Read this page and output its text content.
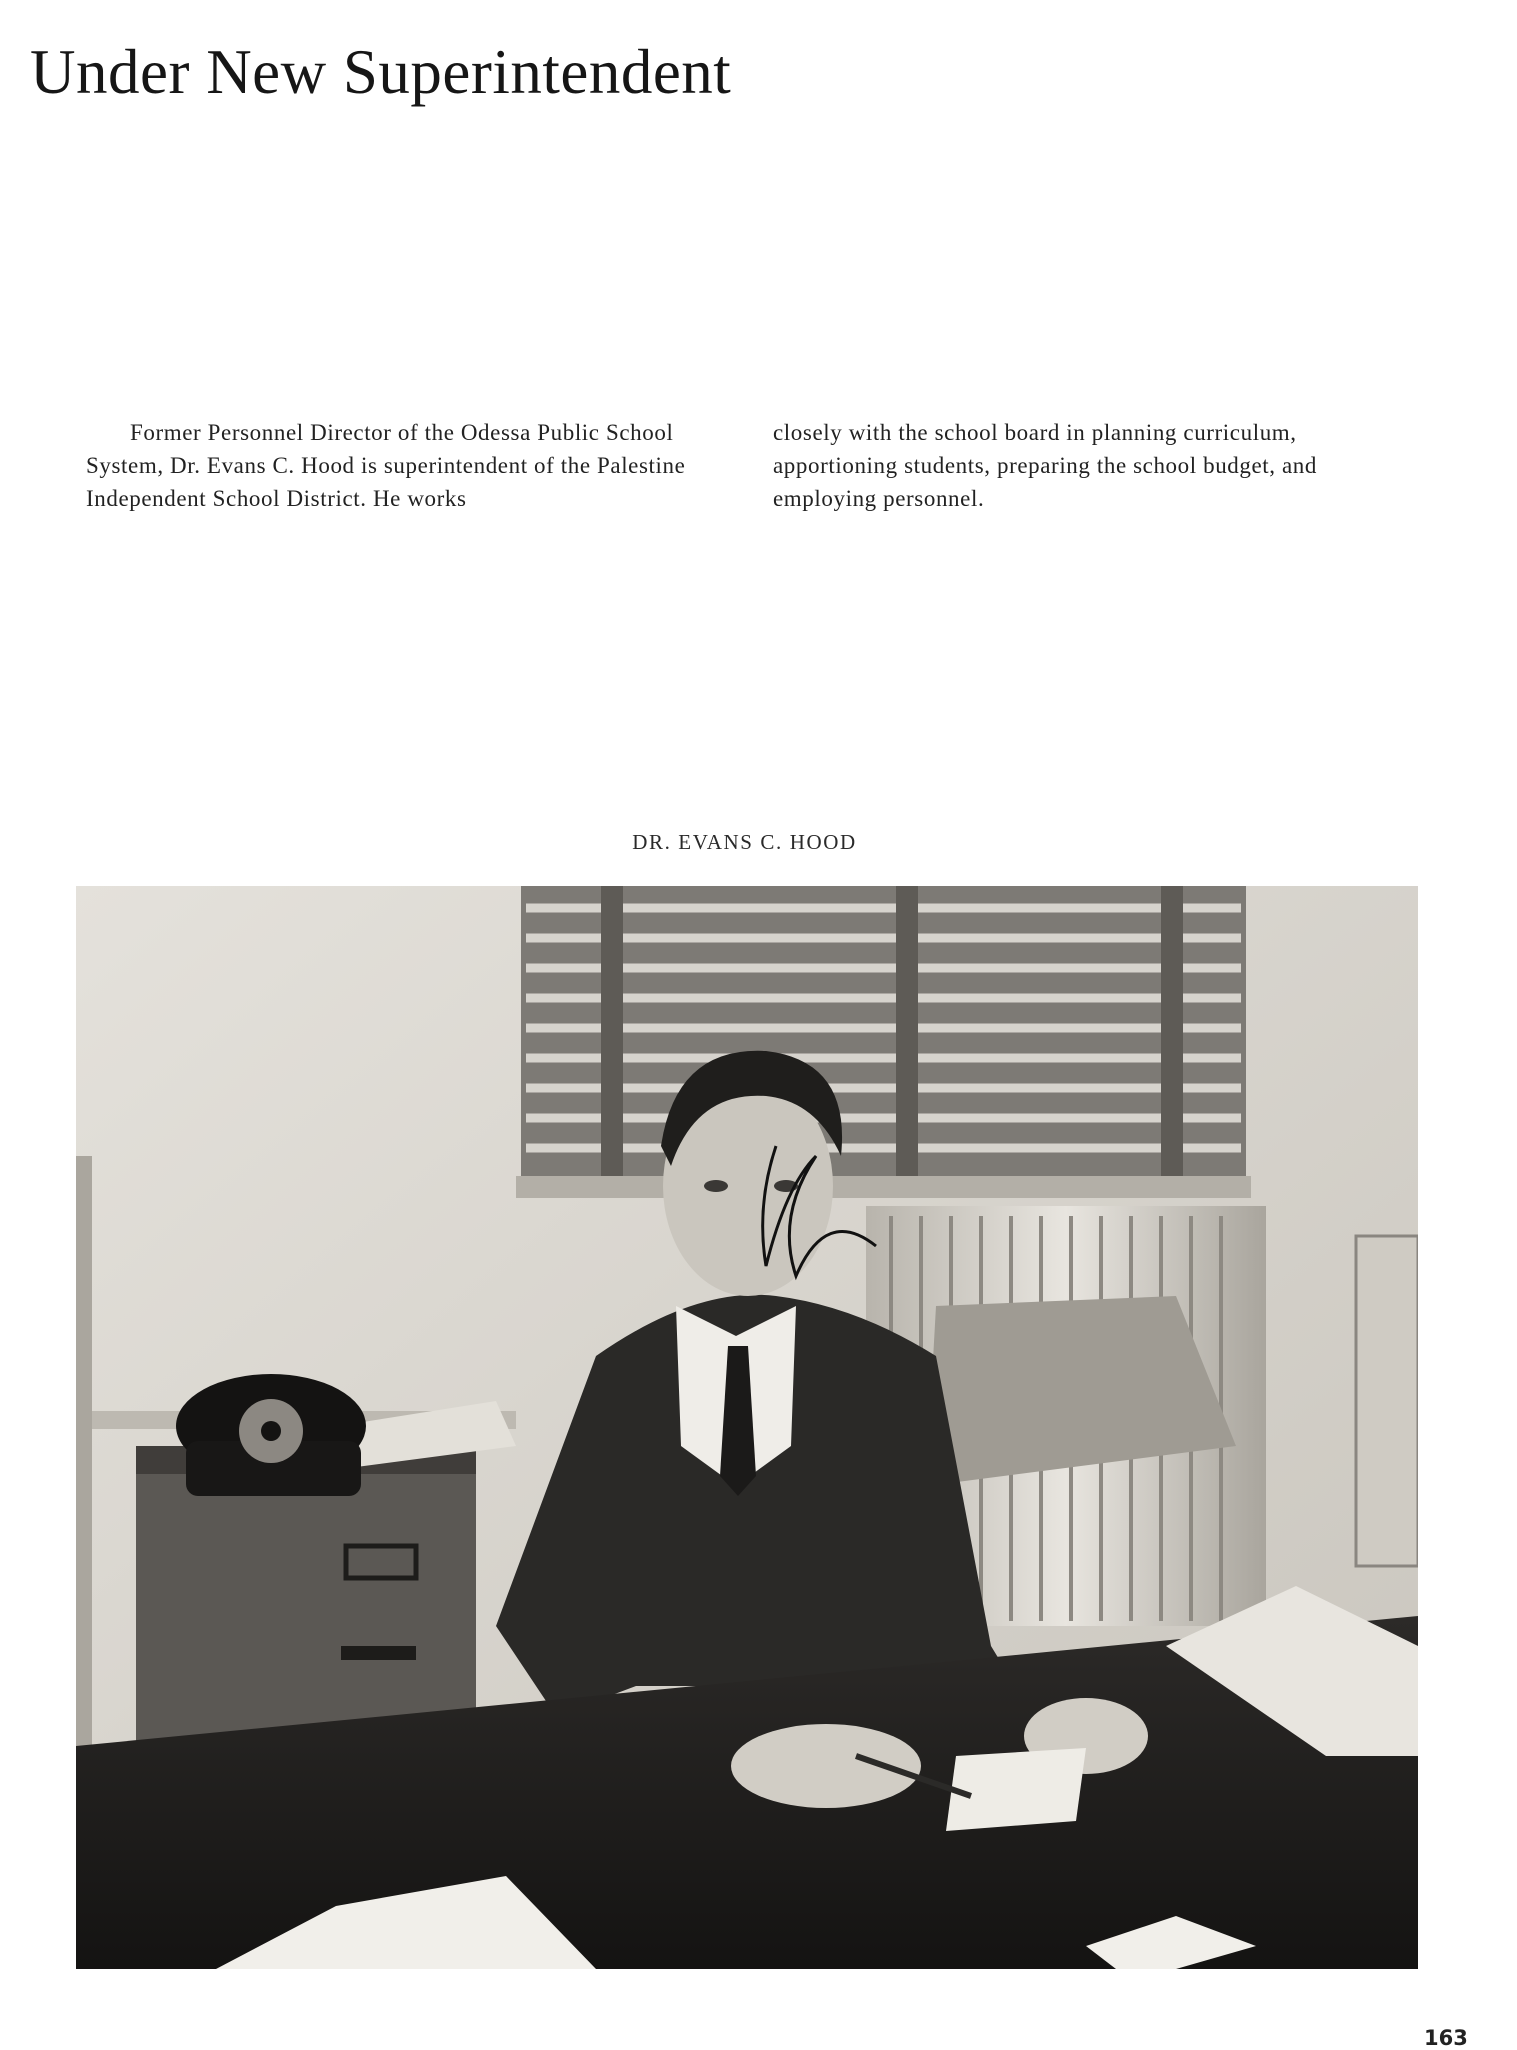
Under New Superintendent

Former Personnel Director of the Odessa Public School System, Dr. Evans C. Hood is superintendent of the Palestine Independent School District. He works

closely with the school board in planning curriculum, apportioning students, preparing the school budget, and employing personnel.

DR. EVANS C. HOOD
163
